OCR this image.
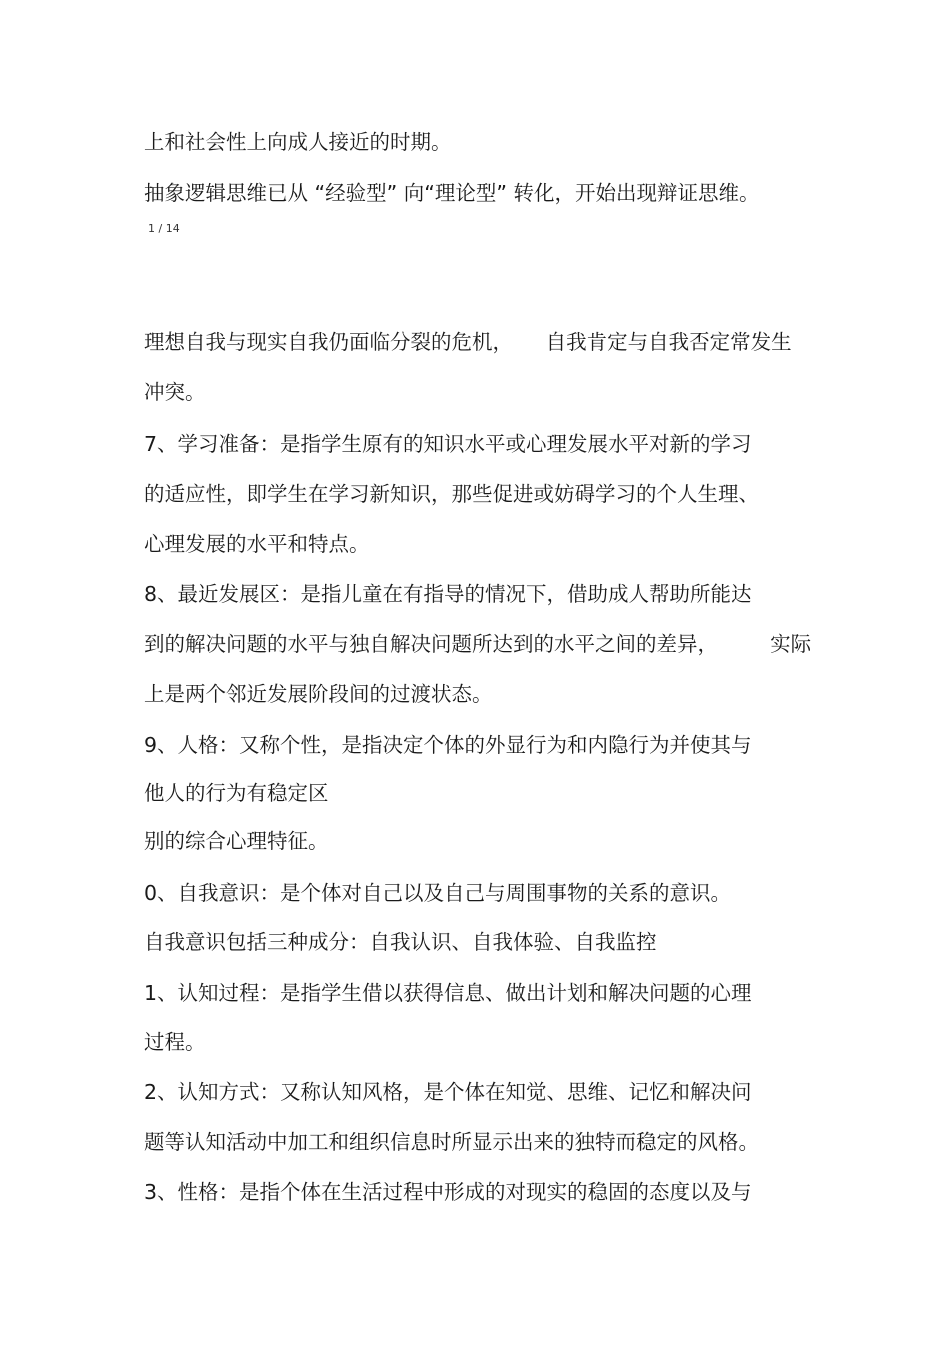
上和社会性上向成人接近的时期。

抽象逻辑思维已从 “经验型” 向“理论型” 转化，开始出现辩证思维。

1 / 14

理想自我与现实自我仍面临分裂的危机，     自我肯定与自我否定常发生

冲突。

7、学习准备：是指学生原有的知识水平或心理发展水平对新的学习

的适应性，即学生在学习新知识，那些促进或妨碍学习的个人生理、

心理发展的水平和特点。

8、最近发展区：是指儿童在有指导的情况下，借助成人帮助所能达

到的解决问题的水平与独自解决问题所达到的水平之间的差异，        实际

上是两个邻近发展阶段间的过渡状态。

9、人格：又称个性，是指决定个体的外显行为和内隐行为并使其与

他人的行为有稳定区

别的综合心理特征。

0、自我意识：是个体对自己以及自己与周围事物的关系的意识。

自我意识包括三种成分：自我认识、自我体验、自我监控

1、认知过程：是指学生借以获得信息、做出计划和解决问题的心理

过程。

2、认知方式：又称认知风格，是个体在知觉、思维、记忆和解决问

题等认知活动中加工和组织信息时所显示出来的独特而稳定的风格。

3、性格：是指个体在生活过程中形成的对现实的稳固的态度以及与
